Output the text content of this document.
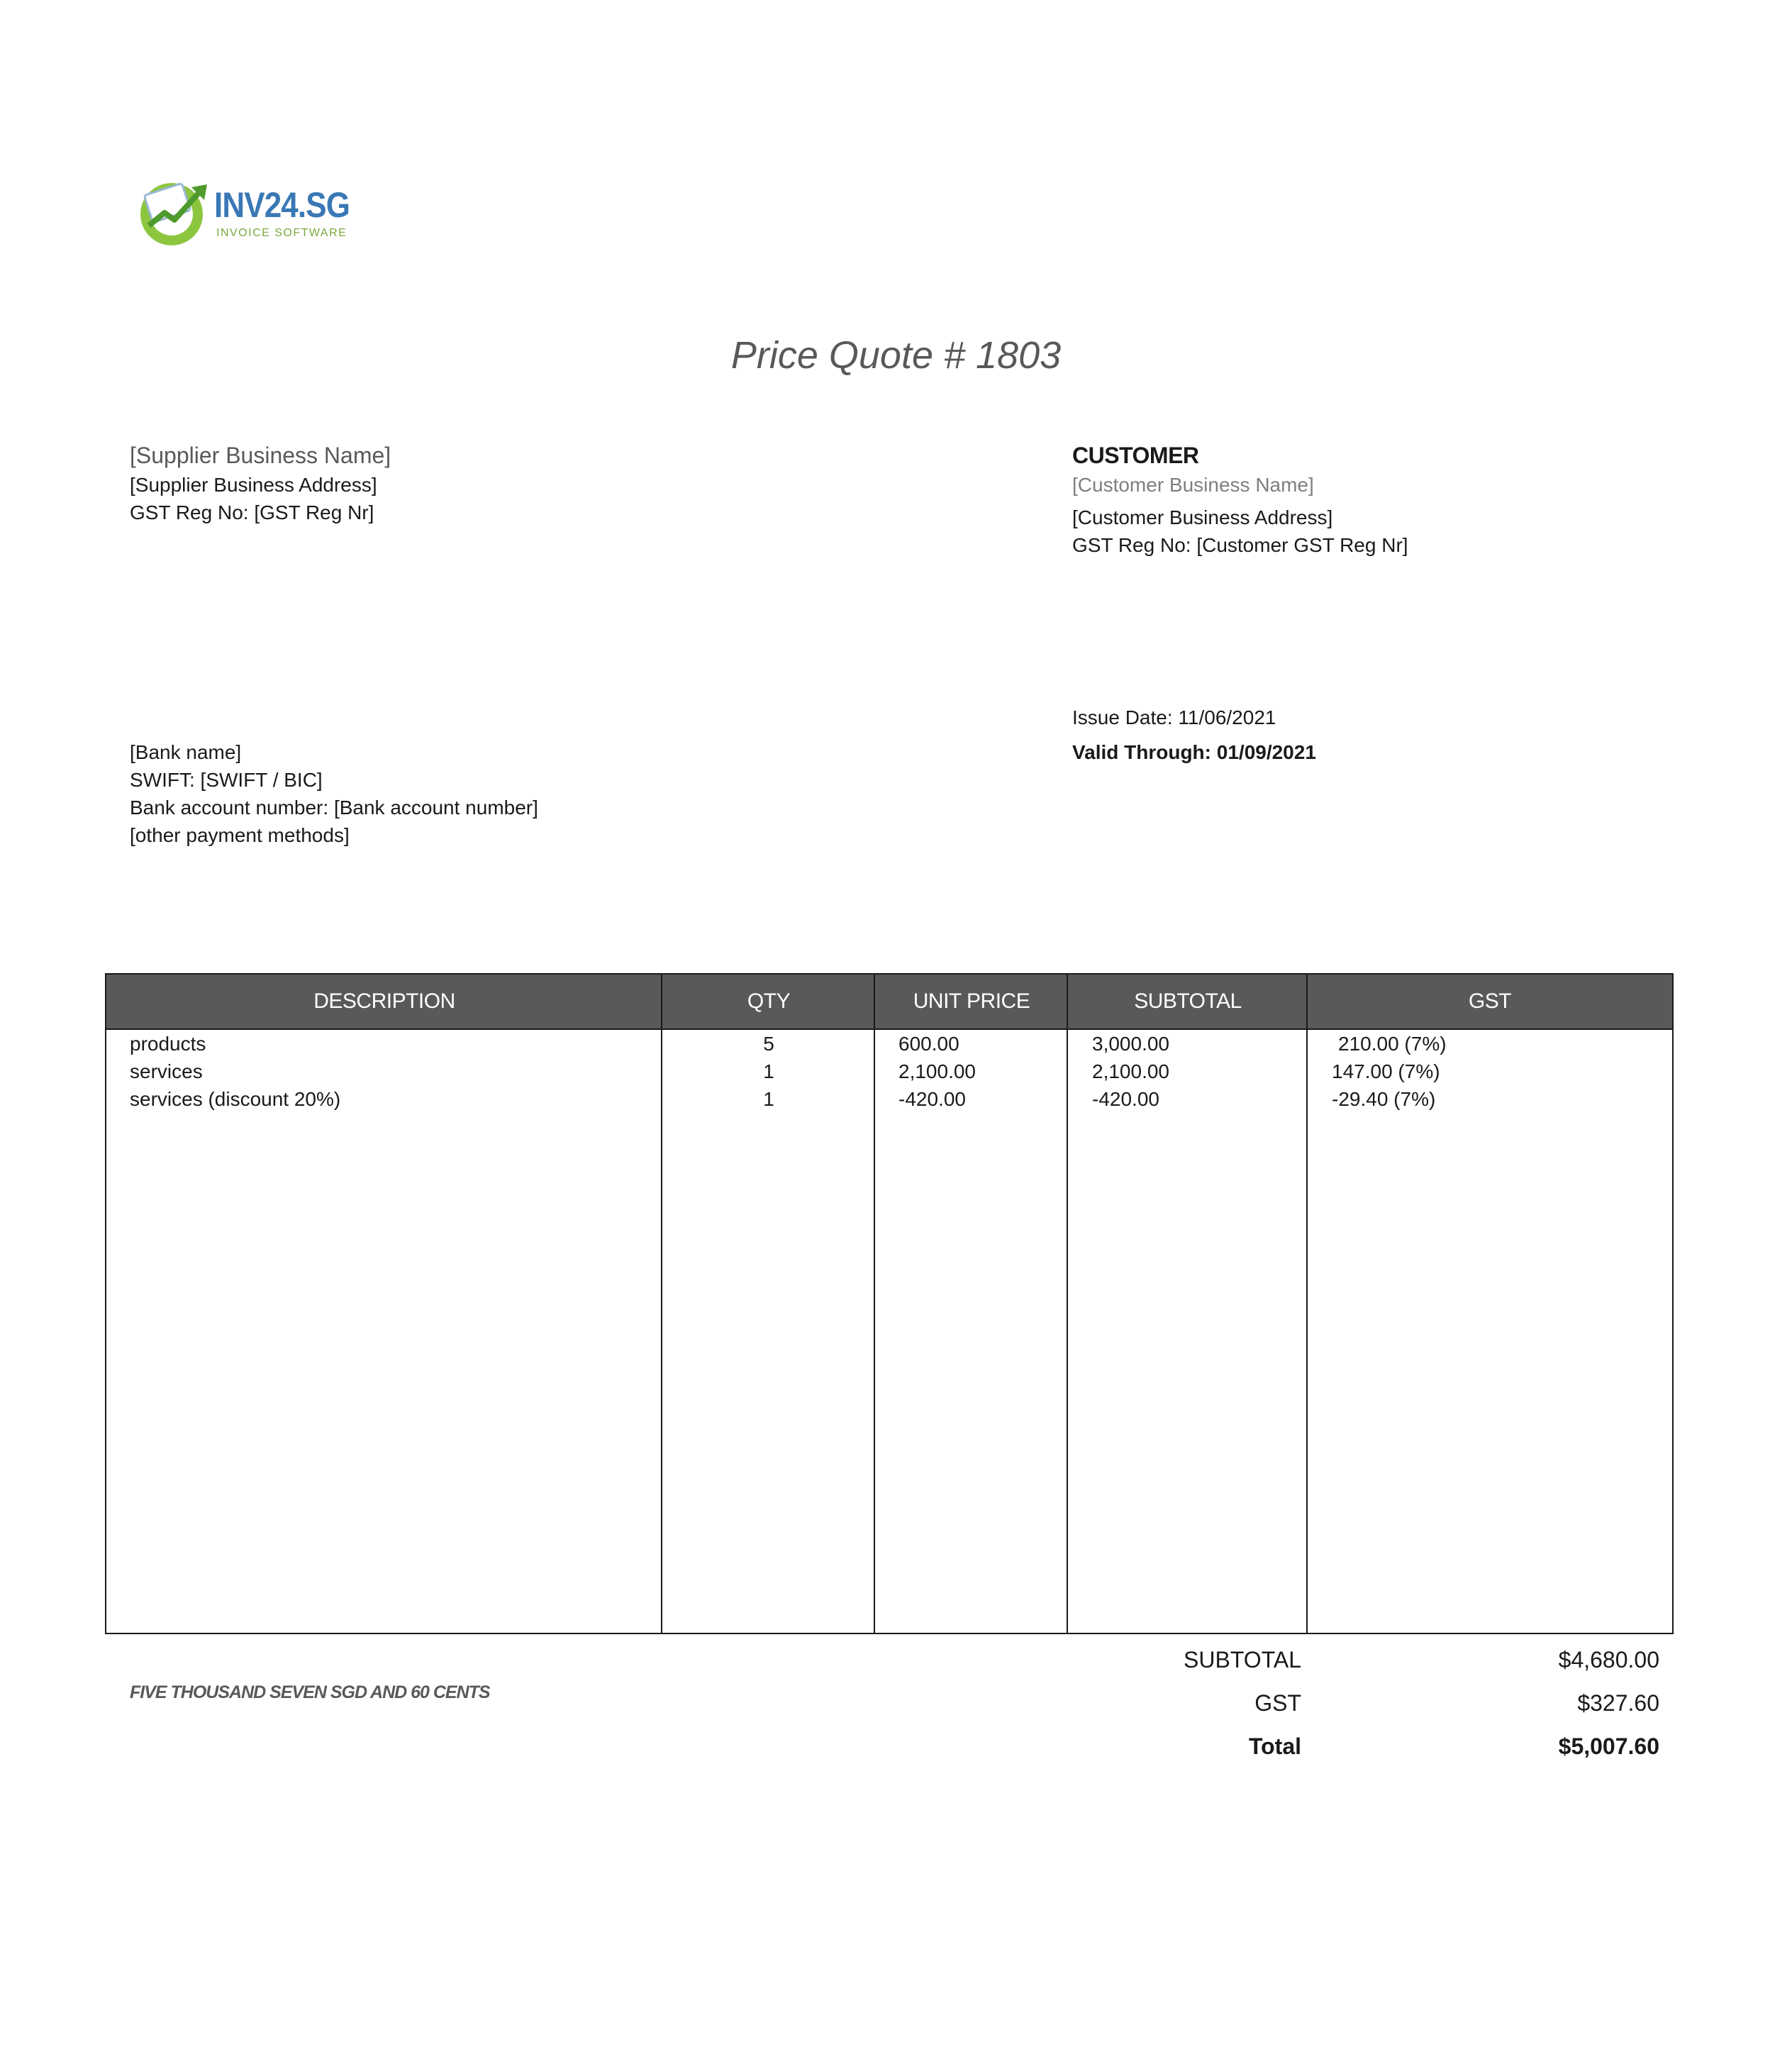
INV24.SG
INVOICE SOFTWARE
Price Quote # 1803
[Supplier Business Name]
[Supplier Business Address]
GST Reg No: [GST Reg Nr]
CUSTOMER
[Customer Business Name]
[Customer Business Address]
GST Reg No: [Customer GST Reg Nr]
Issue Date: 11/06/2021
Valid Through: 01/09/2021
[Bank name]
SWIFT: [SWIFT / BIC]
Bank account number: [Bank account number]
[other payment methods]
DESCRIPTION	QTY	UNIT PRICE	SUBTOTAL	GST
products	5	600.00	3,000.00	210.00 (7%)
services	1	2,100.00	2,100.00	147.00 (7%)
services (discount 20%)	1	-420.00	-420.00	-29.40 (7%)
FIVE THOUSAND SEVEN SGD AND 60 CENTS
SUBTOTAL	$4,680.00
GST	$327.60
Total	$5,007.60
